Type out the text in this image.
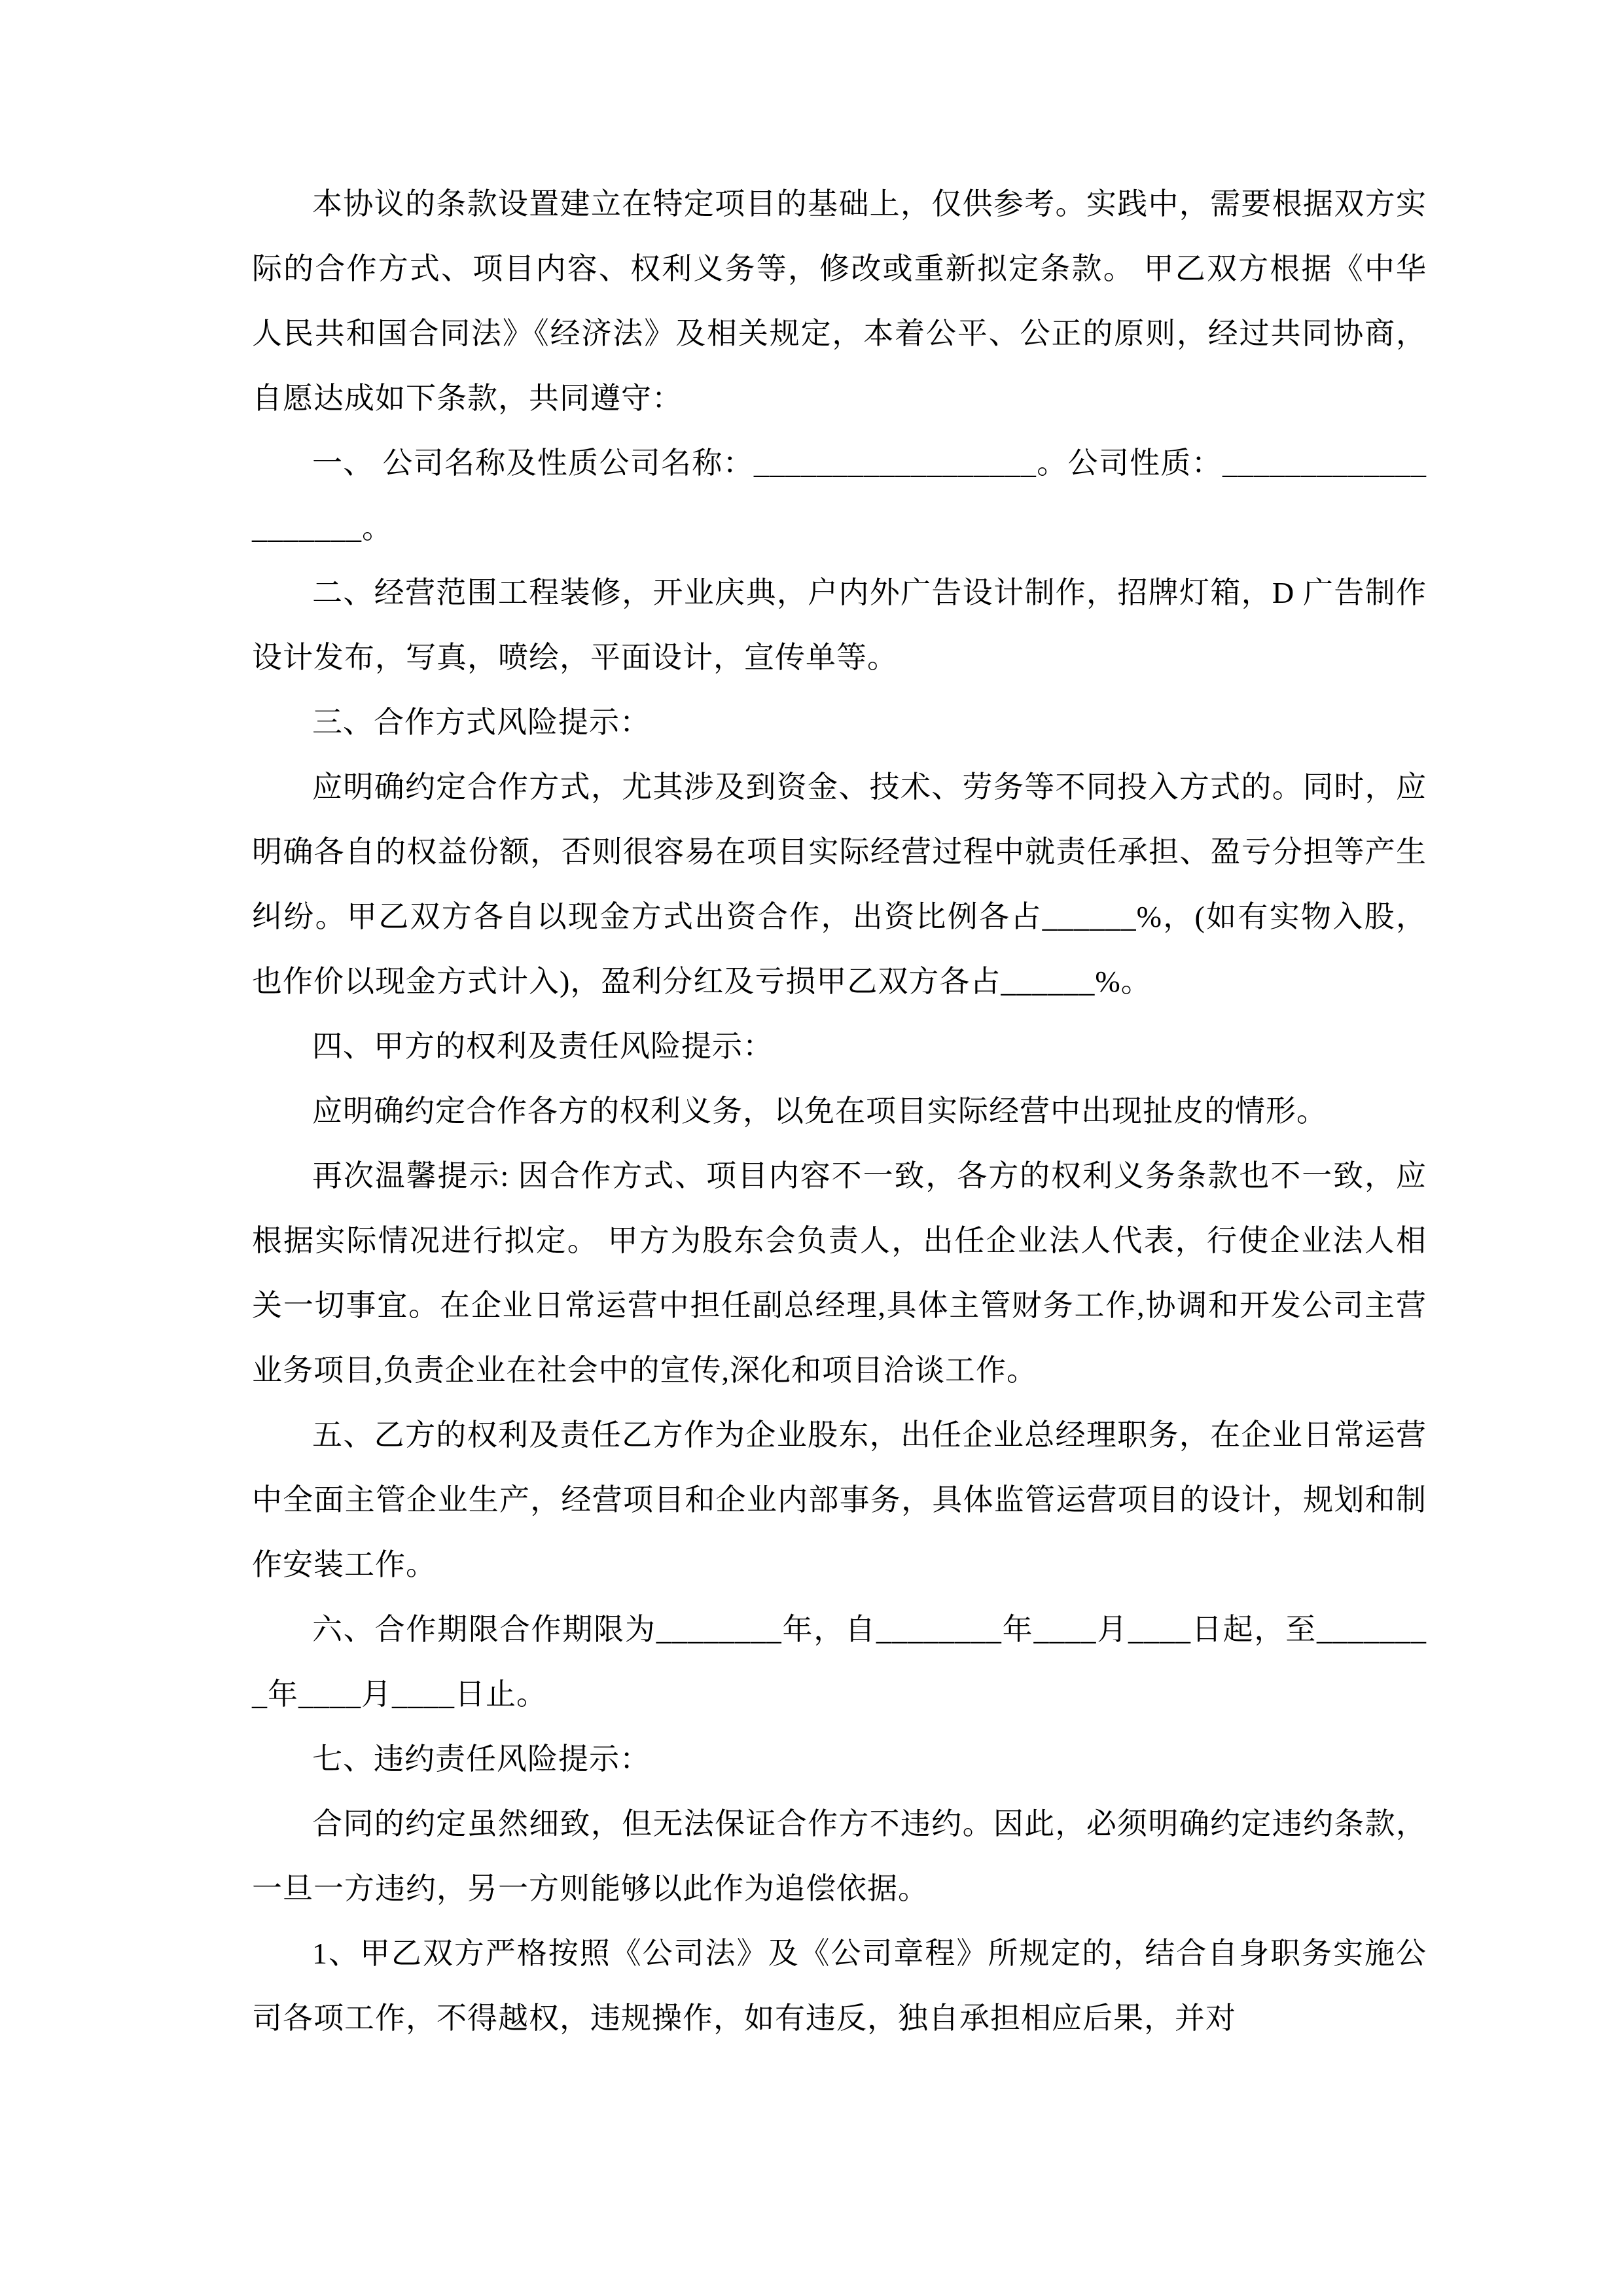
本协议的条款设置建立在特定项目的基础上，仅供参考。实践中，需要根据双方实际的合作方式、项目内容、权利义务等，修改或重新拟定条款。 甲乙双方根据《中华人民共和国合同法》《经济法》及相关规定，本着公平、公正的原则，经过共同协商，自愿达成如下条款，共同遵守：

一、 公司名称及性质公司名称：__________________。公司性质：____________________。

二、经营范围工程装修，开业庆典，户内外广告设计制作，招牌灯箱，D 广告制作设计发布，写真，喷绘，平面设计，宣传单等。

三、合作方式风险提示：

应明确约定合作方式，尤其涉及到资金、技术、劳务等不同投入方式的。同时，应明确各自的权益份额，否则很容易在项目实际经营过程中就责任承担、盈亏分担等产生纠纷。甲乙双方各自以现金方式出资合作，出资比例各占______%，(如有实物入股，也作价以现金方式计入)，盈利分红及亏损甲乙双方各占______%。

四、甲方的权利及责任风险提示：

应明确约定合作各方的权利义务，以免在项目实际经营中出现扯皮的情形。

再次温馨提示: 因合作方式、项目内容不一致，各方的权利义务条款也不一致，应根据实际情况进行拟定。 甲方为股东会负责人，出任企业法人代表，行使企业法人相关一切事宜。在企业日常运营中担任副总经理,具体主管财务工作,协调和开发公司主营业务项目,负责企业在社会中的宣传,深化和项目洽谈工作。

五、乙方的权利及责任乙方作为企业股东，出任企业总经理职务，在企业日常运营中全面主管企业生产，经营项目和企业内部事务，具体监管运营项目的设计，规划和制作安装工作。

六、合作期限合作期限为________年，自________年____月____日起，至________年____月____日止。

七、违约责任风险提示：

合同的约定虽然细致，但无法保证合作方不违约。因此，必须明确约定违约条款，一旦一方违约，另一方则能够以此作为追偿依据。

1、甲乙双方严格按照《公司法》及《公司章程》所规定的，结合自身职务实施公司各项工作，不得越权，违规操作，如有违反，独自承担相应后果，并对
